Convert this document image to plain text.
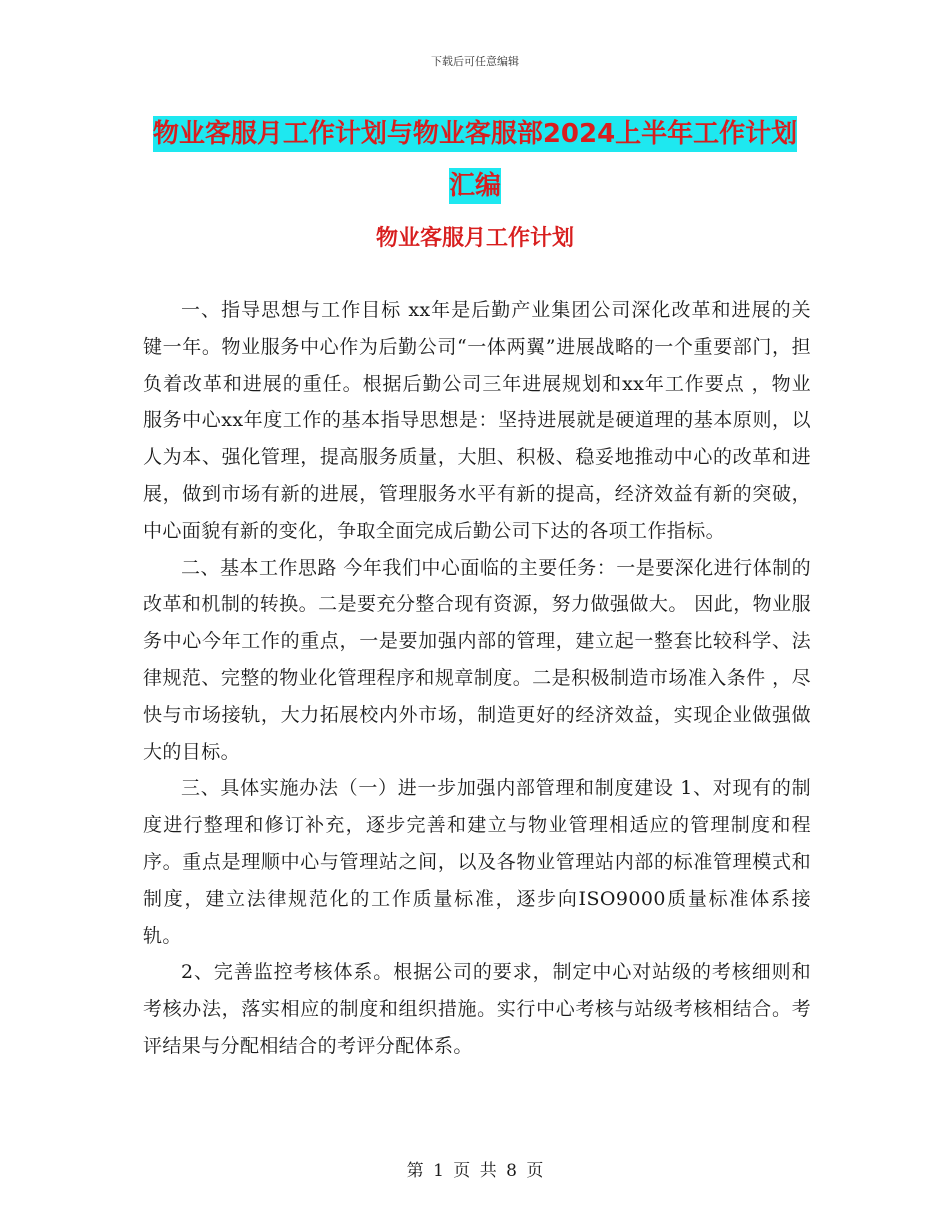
下载后可任意编辑
物业客服月工作计划与物业客服部2024上半年工作计划汇编
物业客服月工作计划

一、指导思想与工作目标 xx年是后勤产业集团公司深化改革和进展的关键一年。物业服务中心作为后勤公司“一体两翼”进展战略的一个重要部门，担负着改革和进展的重任。根据后勤公司三年进展规划和xx年工作要点 ，物业服务中心xx年度工作的基本指导思想是：坚持进展就是硬道理的基本原则，以人为本、强化管理，提高服务质量，大胆、积极、稳妥地推动中心的改革和进展，做到市场有新的进展，管理服务水平有新的提高，经济效益有新的突破，中心面貌有新的变化，争取全面完成后勤公司下达的各项工作指标。

二、基本工作思路 今年我们中心面临的主要任务：一是要深化进行体制的改革和机制的转换。二是要充分整合现有资源，努力做强做大。 因此，物业服务中心今年工作的重点，一是要加强内部的管理，建立起一整套比较科学、法律规范、完整的物业化管理程序和规章制度。二是积极制造市场准入条件 ，尽快与市场接轨，大力拓展校内外市场，制造更好的经济效益，实现企业做强做大的目标。

三、具体实施办法（一）进一步加强内部管理和制度建设 1、对现有的制度进行整理和修订补充，逐步完善和建立与物业管理相适应的管理制度和程序。重点是理顺中心与管理站之间，以及各物业管理站内部的标准管理模式和制度，建立法律规范化的工作质量标准，逐步向ISO9000质量标准体系接轨。

2、完善监控考核体系。根据公司的要求，制定中心对站级的考核细则和考核办法，落实相应的制度和组织措施。实行中心考核与站级考核相结合。考评结果与分配相结合的考评分配体系。

第 1 页 共 8 页
